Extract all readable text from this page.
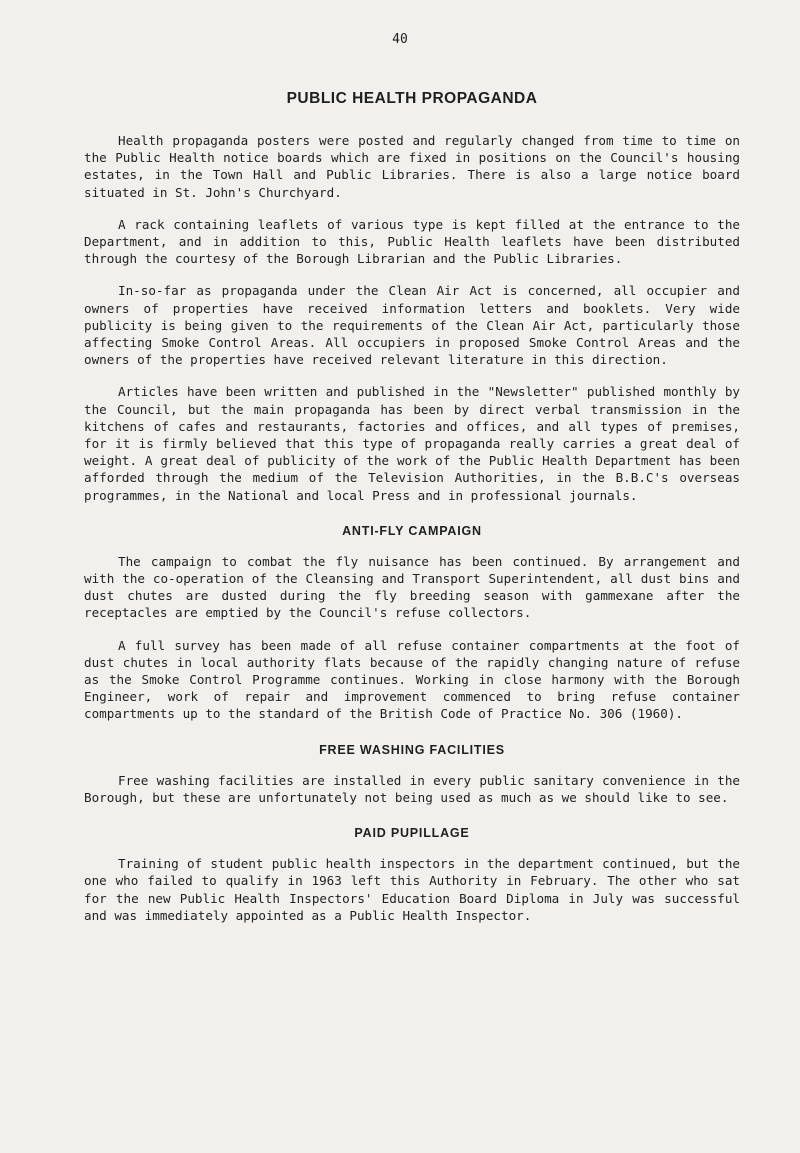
40
PUBLIC HEALTH PROPAGANDA

Health propaganda posters were posted and regularly changed from time to time on the Public Health notice boards which are fixed in positions on the Council's housing estates, in the Town Hall and Public Libraries. There is also a large notice board situated in St. John's Churchyard.

A rack containing leaflets of various type is kept filled at the entrance to the Department, and in addition to this, Public Health leaflets have been distributed through the courtesy of the Borough Librarian and the Public Libraries.

In-so-far as propaganda under the Clean Air Act is concerned, all occupier and owners of properties have received information letters and booklets. Very wide publicity is being given to the requirements of the Clean Air Act, particularly those affecting Smoke Control Areas. All occupiers in proposed Smoke Control Areas and the owners of the properties have received relevant literature in this direction.

Articles have been written and published in the "Newsletter" published monthly by the Council, but the main propaganda has been by direct verbal transmission in the kitchens of cafes and restaurants, factories and offices, and all types of premises, for it is firmly believed that this type of propaganda really carries a great deal of weight. A great deal of publicity of the work of the Public Health Department has been afforded through the medium of the Television Authorities, in the B.B.C's overseas programmes, in the National and local Press and in professional journals.

ANTI-FLY CAMPAIGN

The campaign to combat the fly nuisance has been continued. By arrangement and with the co-operation of the Cleansing and Transport Superintendent, all dust bins and dust chutes are dusted during the fly breeding season with gammexane after the receptacles are emptied by the Council's refuse collectors.

A full survey has been made of all refuse container compartments at the foot of dust chutes in local authority flats because of the rapidly changing nature of refuse as the Smoke Control Programme continues. Working in close harmony with the Borough Engineer, work of repair and improvement commenced to bring refuse container compartments up to the standard of the British Code of Practice No. 306 (1960).

FREE WASHING FACILITIES

Free washing facilities are installed in every public sanitary convenience in the Borough, but these are unfortunately not being used as much as we should like to see.

PAID PUPILLAGE

Training of student public health inspectors in the department continued, but the one who failed to qualify in 1963 left this Authority in February. The other who sat for the new Public Health Inspectors' Education Board Diploma in July was successful and was immediately appointed as a Public Health Inspector.
